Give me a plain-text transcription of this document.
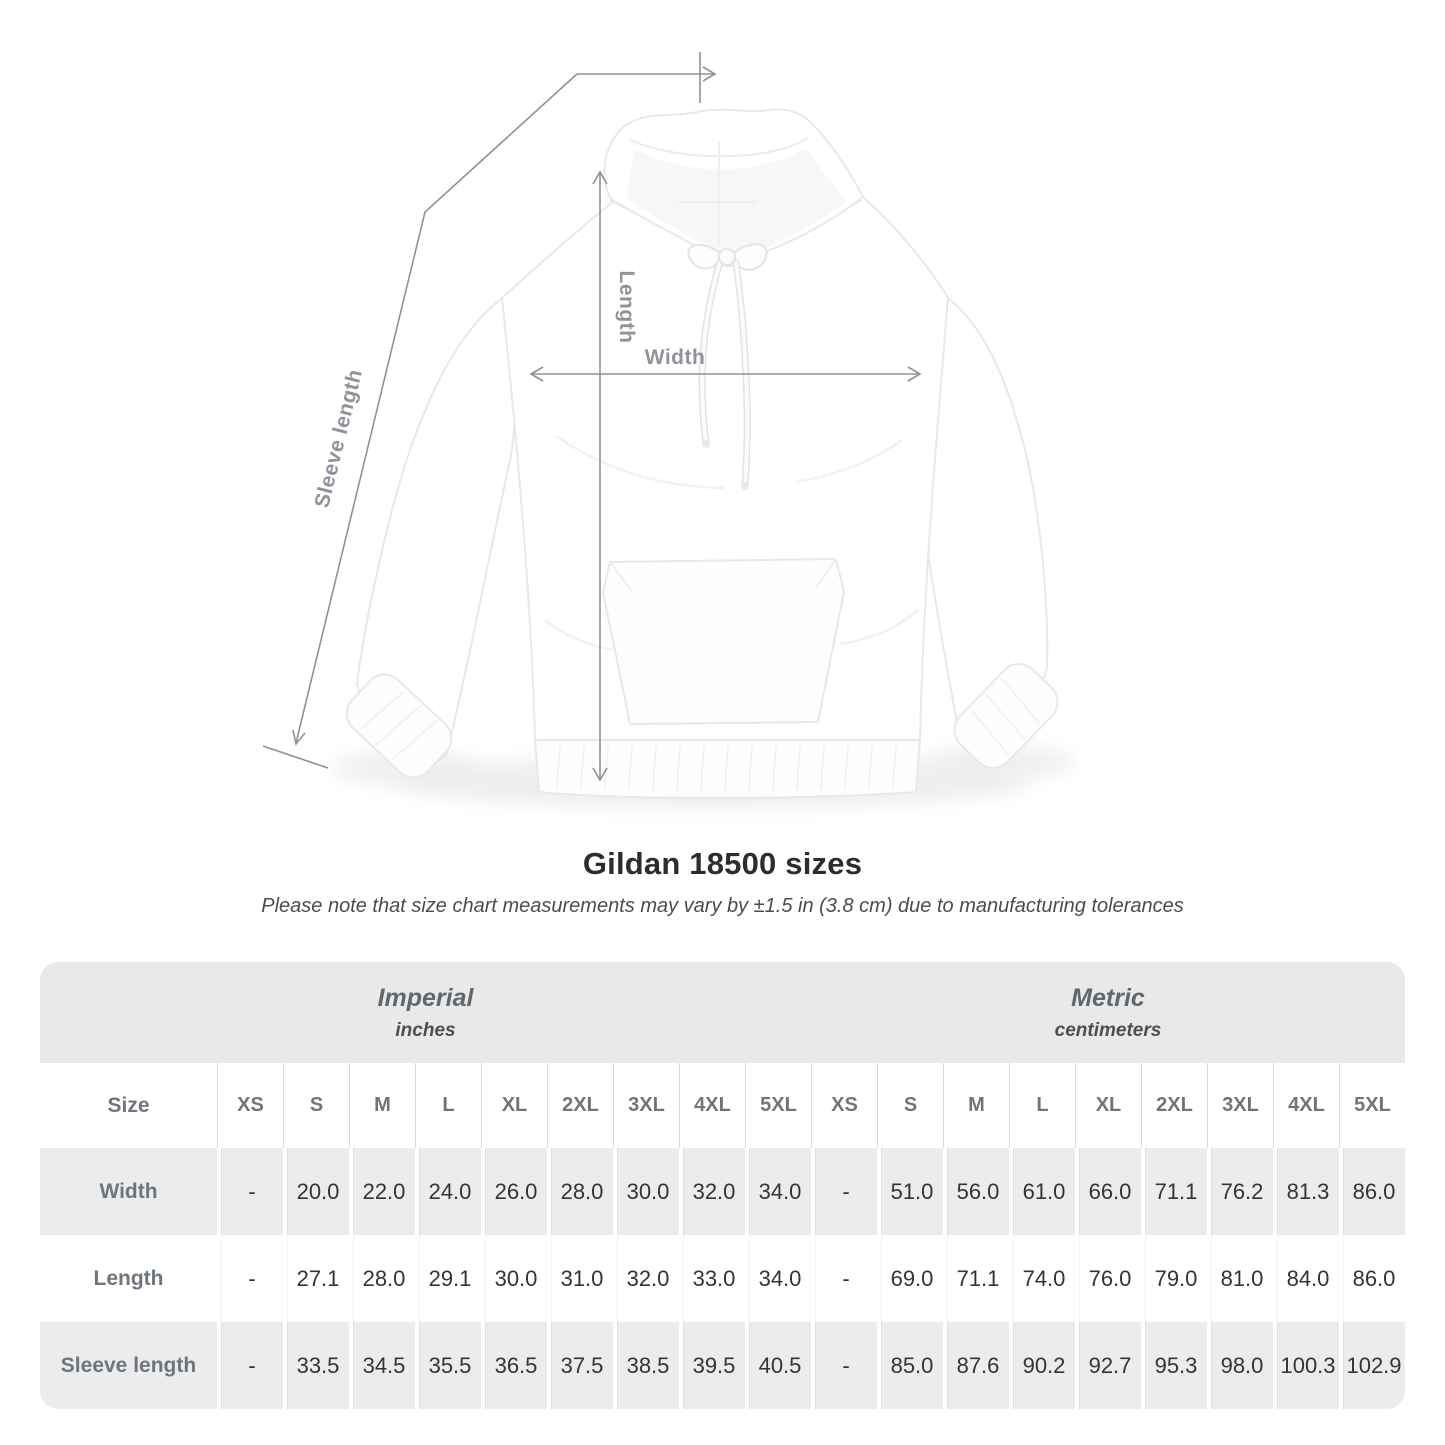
Length
Width
Sleeve length
Gildan 18500 sizes

Please note that size chart measurements may vary by ±1.5 in (3.8 cm) due to manufacturing tolerances

Imperial
inches

Metric
centimeters

Size	XS	S	M	L	XL	2XL	3XL	4XL	5XL	XS	S	M	L	XL	2XL	3XL	4XL	5XL
Width	-	20.0	22.0	24.0	26.0	28.0	30.0	32.0	34.0	-	51.0	56.0	61.0	66.0	71.1	76.2	81.3	86.0
Length	-	27.1	28.0	29.1	30.0	31.0	32.0	33.0	34.0	-	69.0	71.1	74.0	76.0	79.0	81.0	84.0	86.0
Sleeve length	-	33.5	34.5	35.5	36.5	37.5	38.5	39.5	40.5	-	85.0	87.6	90.2	92.7	95.3	98.0	100.3	102.9
